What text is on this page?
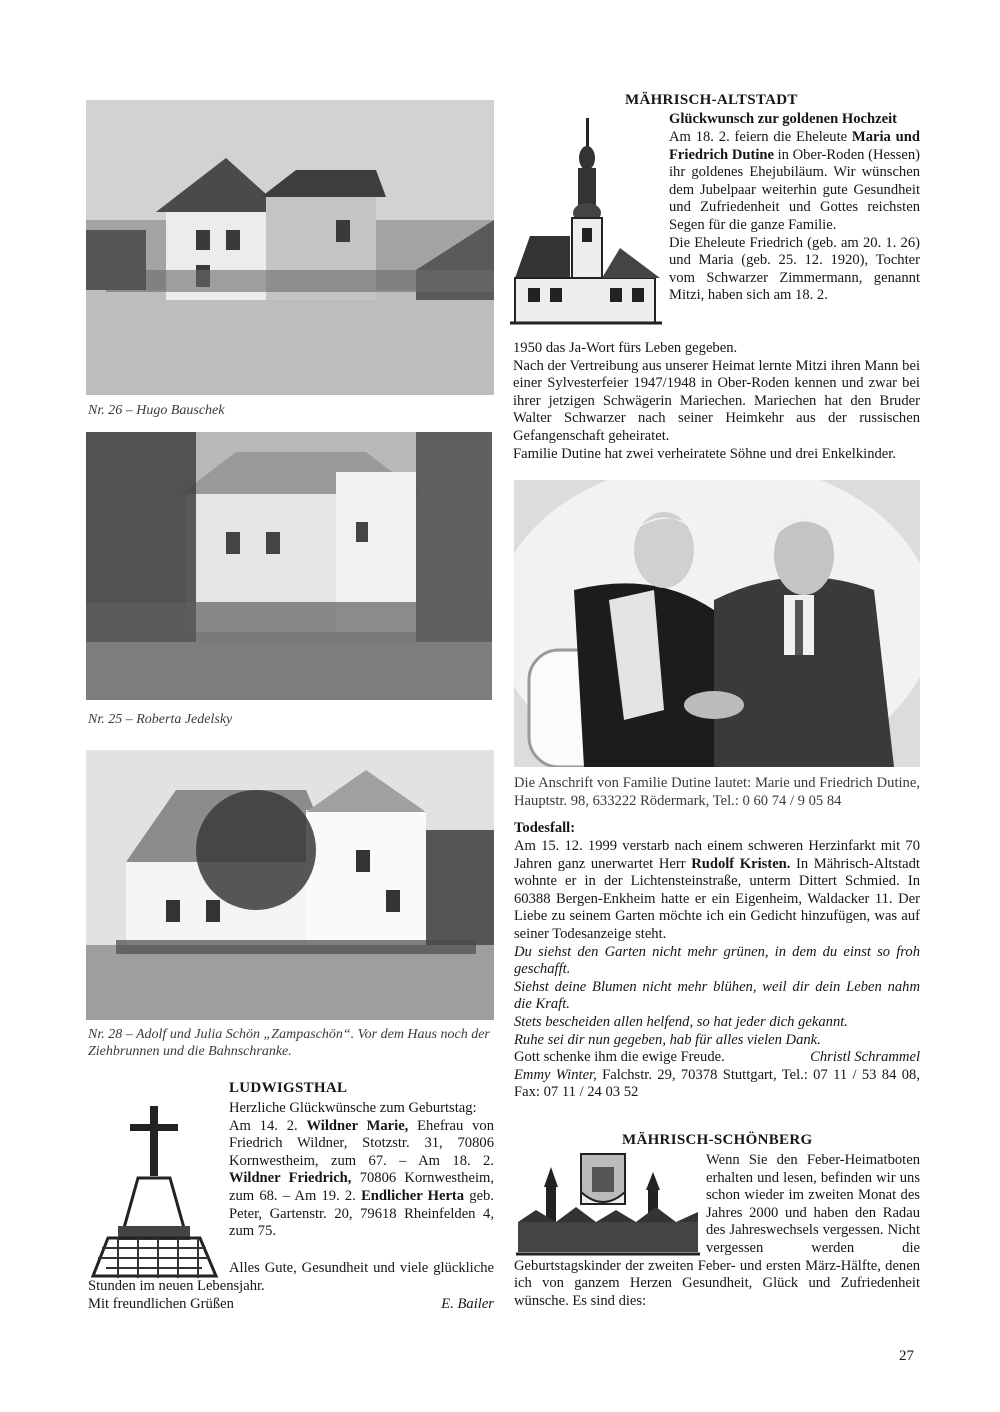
Nr. 26 – Hugo Bauschek
Nr. 25 – Roberta Jedelsky
Nr. 28 – Adolf und Julia Schön „Zampaschön“. Vor dem Haus noch der Ziehbrunnen und die Bahnschranke.
LUDWIGSTHAL

Herzliche Glückwünsche zum Geburtstag:

Am 14. 2. Wildner Marie, Ehefrau von Friedrich Wildner, Stotzstr. 31, 70806 Kornwestheim, zum 67. – Am 18. 2. Wildner Friedrich, 70806 Kornwestheim, zum 68. – Am 19. 2. Endlicher Herta geb. Peter, Gartenstr. 20, 79618 Rheinfelden 4, zum 75.

Alles Gute, Gesundheit und viele glückliche Stunden im neuen Lebensjahr.

Mit freundlichen Grüßen	E. Bailer
MÄHRISCH-ALTSTADT
Glückwunsch zur goldenen Hochzeit

Am 18. 2. feiern die Eheleute Maria und Friedrich Dutine in Ober-Roden (Hessen) ihr goldenes Ehejubiläum. Wir wünschen dem Jubelpaar weiterhin gute Gesundheit und Zufriedenheit und Gottes reichsten Segen für die ganze Familie.

Die Eheleute Friedrich (geb. am 20. 1. 26) und Maria (geb. 25. 12. 1920), Tochter vom Schwarzer Zimmermann, genannt Mitzi, haben sich am 18. 2.

1950 das Ja-Wort fürs Leben gegeben.

Nach der Vertreibung aus unserer Heimat lernte Mitzi ihren Mann bei einer Sylvesterfeier 1947/1948 in Ober-Roden kennen und zwar bei ihrer jetzigen Schwägerin Mariechen. Mariechen hat den Bruder Walter Schwarzer nach seiner Heimkehr aus der russischen Gefangenschaft geheiratet.

Familie Dutine hat zwei verheiratete Söhne und drei Enkelkinder.

Die Anschrift von Familie Dutine lautet: Marie und Friedrich Dutine, Hauptstr. 98, 633222 Rödermark, Tel.: 0 60 74 / 9 05 84
Todesfall:

Am 15. 12. 1999 verstarb nach einem schweren Herzinfarkt mit 70 Jahren ganz unerwartet Herr Rudolf Kristen. In Mährisch-Altstadt wohnte er in der Lichtensteinstraße, unterm Dittert Schmied. In 60388 Bergen-Enkheim hatte er ein Eigenheim, Waldacker 11. Der Liebe zu seinem Garten möchte ich ein Gedicht hinzufügen, was auf seiner Todesanzeige steht.

Du siehst den Garten nicht mehr grünen, in dem du einst so froh geschafft.

Siehst deine Blumen nicht mehr blühen, weil dir dein Leben nahm die Kraft.

Stets bescheiden allen helfend, so hat jeder dich gekannt.

Ruhe sei dir nun gegeben, hab für alles vielen Dank.

Gott schenke ihm die ewige Freude.	Christl Schrammel

Emmy Winter, Falchstr. 29, 70378 Stuttgart, Tel.: 07 11 / 53 84 08, Fax: 07 11 / 24 03 52

MÄHRISCH-SCHÖNBERG

Wenn Sie den Feber-Heimatboten erhalten und lesen, befinden wir uns schon wieder im zweiten Monat des Jahres 2000 und haben den Radau des Jahreswechsels vergessen. Nicht vergessen werden die Geburtstagskinder der zweiten Feber- und ersten März-Hälfte, denen ich von ganzem Herzen Gesundheit, Glück und Zufriedenheit wünsche. Es sind dies:

27
